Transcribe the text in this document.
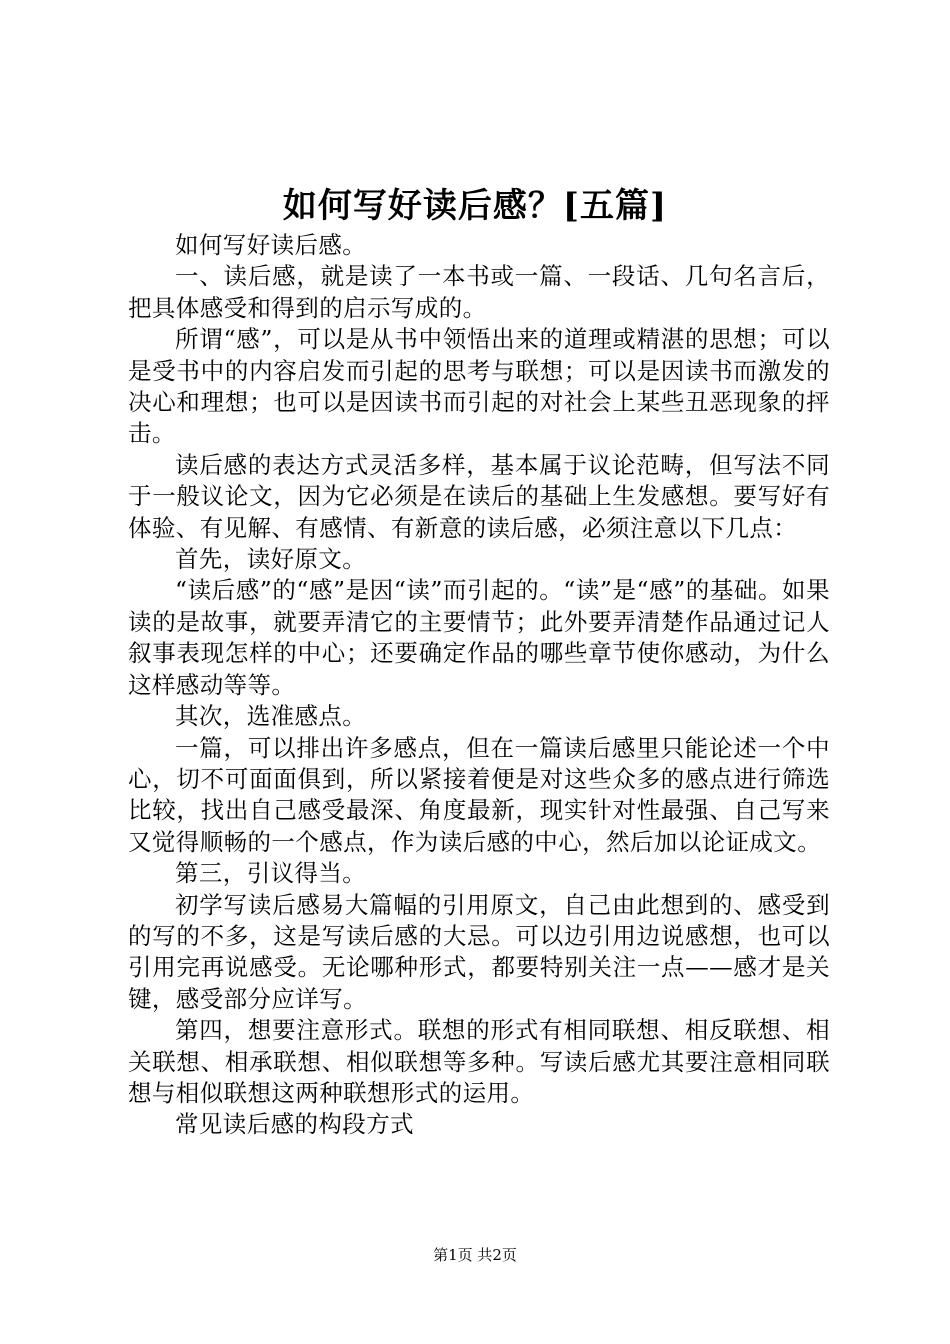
如何写好读后感？[五篇]

如何写好读后感。

一、读后感，就是读了一本书或一篇、一段话、几句名言后，把具体感受和得到的启示写成的。

所谓“感”，可以是从书中领悟出来的道理或精湛的思想；可以是受书中的内容启发而引起的思考与联想；可以是因读书而激发的决心和理想；也可以是因读书而引起的对社会上某些丑恶现象的抨击。

读后感的表达方式灵活多样，基本属于议论范畴，但写法不同于一般议论文，因为它必须是在读后的基础上生发感想。要写好有体验、有见解、有感情、有新意的读后感，必须注意以下几点：

首先，读好原文。

“读后感”的“感”是因“读”而引起的。“读”是“感”的基础。如果读的是故事，就要弄清它的主要情节；此外要弄清楚作品通过记人叙事表现怎样的中心；还要确定作品的哪些章节使你感动，为什么这样感动等等。

其次，选准感点。

一篇，可以排出许多感点，但在一篇读后感里只能论述一个中心，切不可面面俱到，所以紧接着便是对这些众多的感点进行筛选比较，找出自己感受最深、角度最新，现实针对性最强、自己写来又觉得顺畅的一个感点，作为读后感的中心，然后加以论证成文。

第三，引议得当。

初学写读后感易大篇幅的引用原文，自己由此想到的、感受到的写的不多，这是写读后感的大忌。可以边引用边说感想，也可以引用完再说感受。无论哪种形式，都要特别关注一点——感才是关键，感受部分应详写。

第四，想要注意形式。联想的形式有相同联想、相反联想、相关联想、相承联想、相似联想等多种。写读后感尤其要注意相同联想与相似联想这两种联想形式的运用。

常见读后感的构段方式

第1页 共2页
